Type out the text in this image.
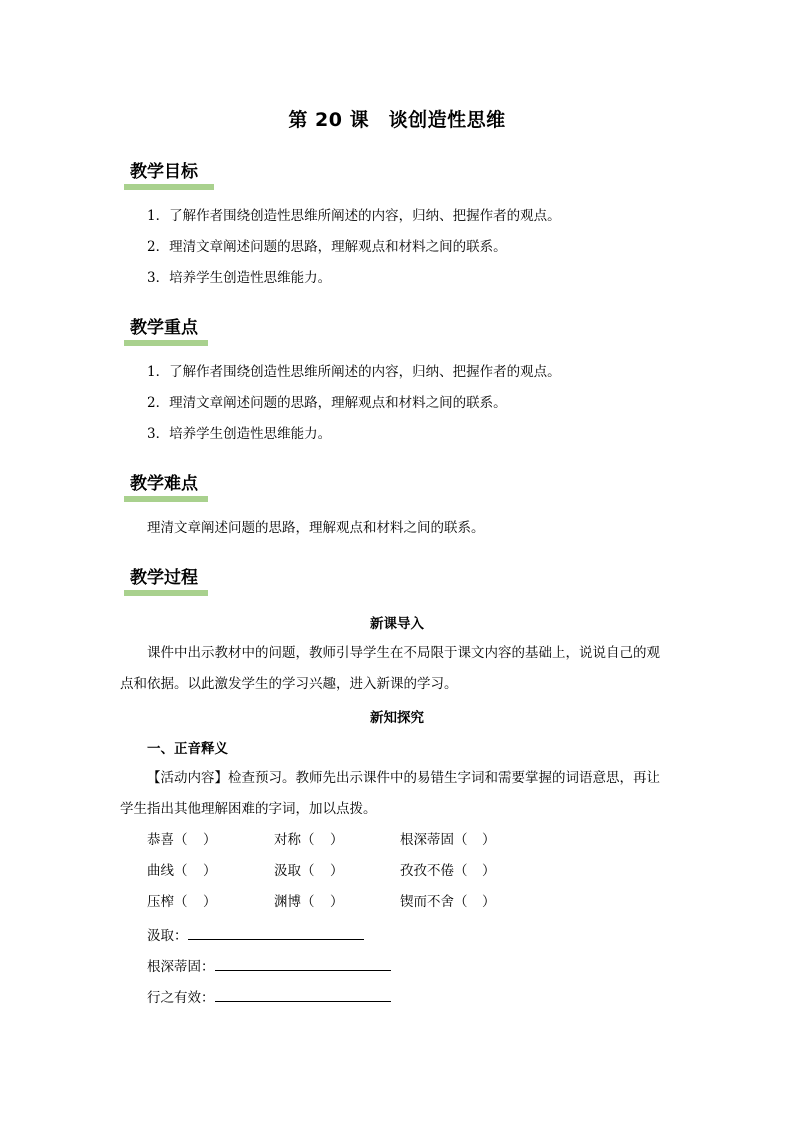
第 20 课　谈创造性思维
教学目标
1．了解作者围绕创造性思维所阐述的内容，归纳、把握作者的观点。
2．理清文章阐述问题的思路，理解观点和材料之间的联系。
3．培养学生创造性思维能力。
教学重点
1．了解作者围绕创造性思维所阐述的内容，归纳、把握作者的观点。
2．理清文章阐述问题的思路，理解观点和材料之间的联系。
3．培养学生创造性思维能力。
教学难点
理清文章阐述问题的思路，理解观点和材料之间的联系。
教学过程
新课导入
课件中出示教材中的问题，教师引导学生在不局限于课文内容的基础上，说说自己的观
点和依据。以此激发学生的学习兴趣，进入新课的学习。
新知探究
一、正音释义
【活动内容】检查预习。教师先出示课件中的易错生字词和需要掌握的词语意思，再让
学生指出其他理解困难的字词，加以点拨。
恭喜（ ）	对称（ ）	根深蒂固（ ）
曲线（ ）	汲取（ ）	孜孜不倦（ ）
压榨（ ）	渊博（ ）	锲而不舍（ ）
汲取：
根深蒂固：
行之有效：
